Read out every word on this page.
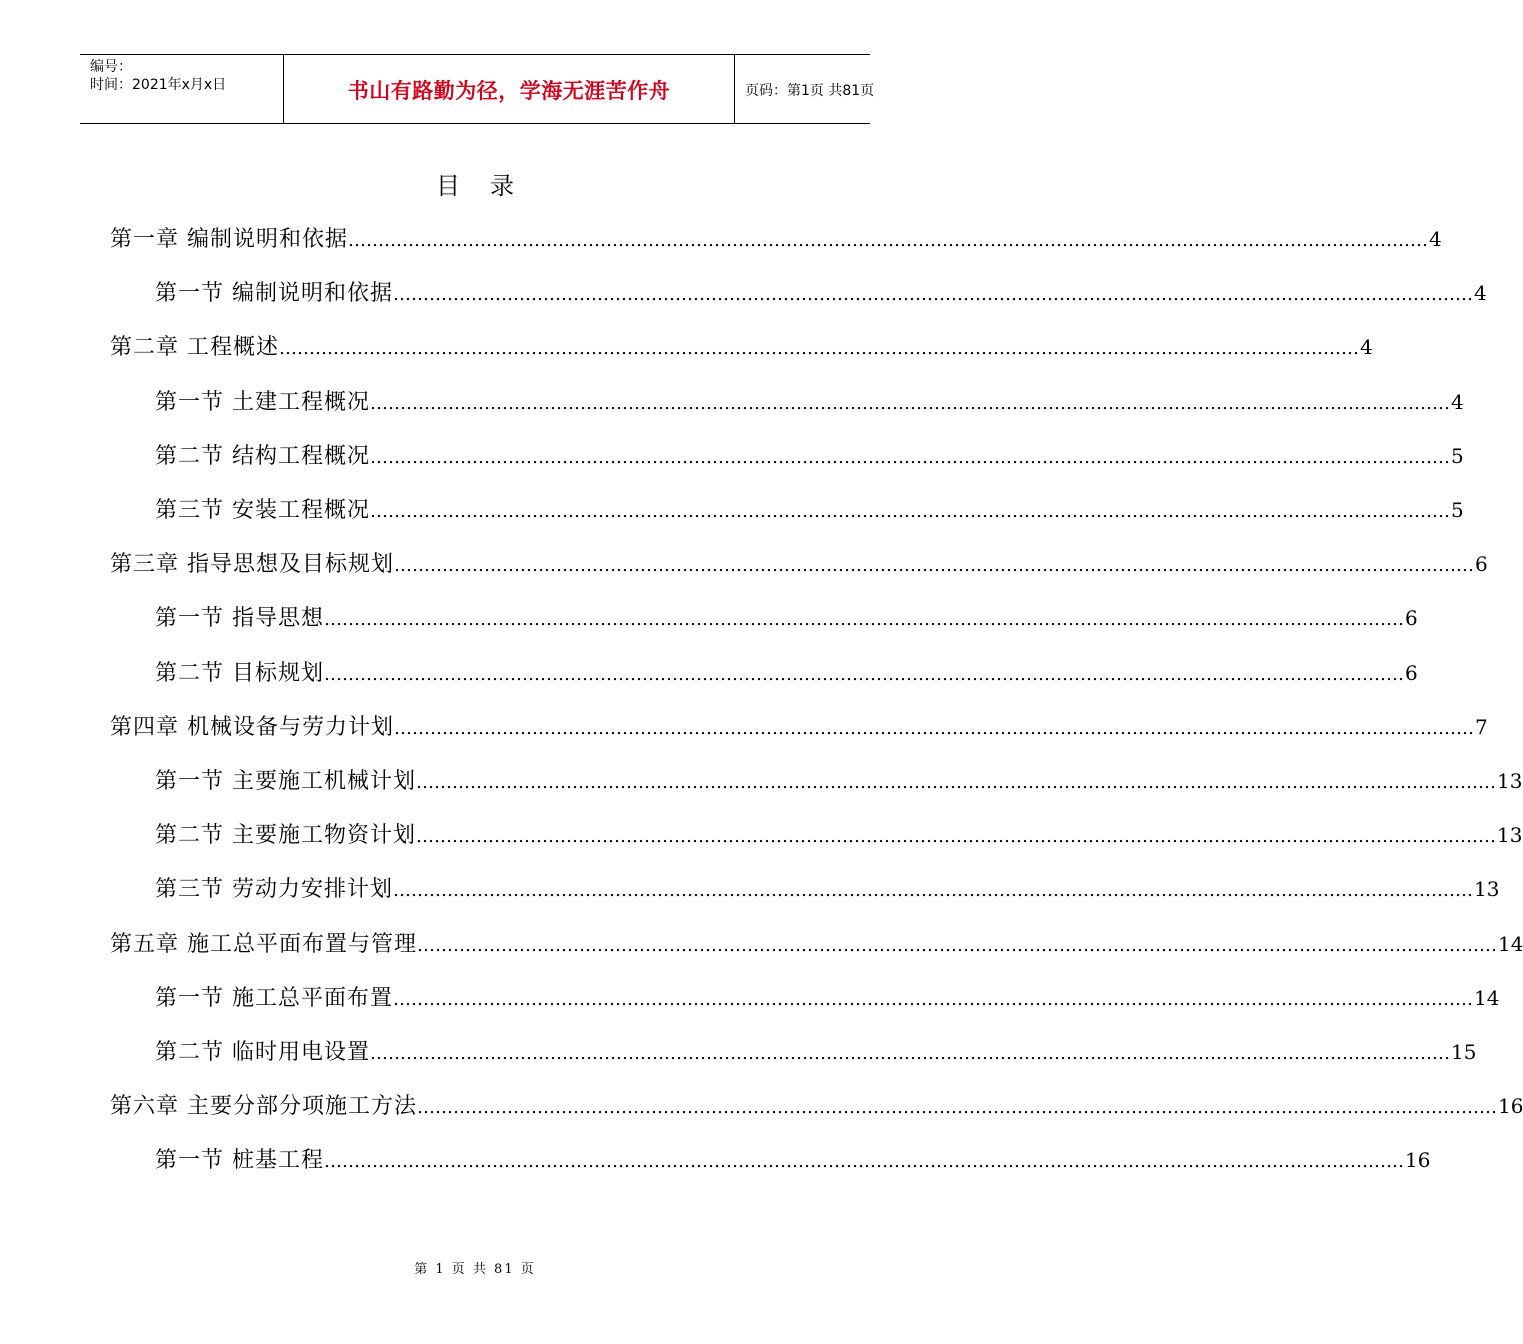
编号：
时间：2021年x月x日	书山有路勤为径，学海无涯苦作舟	页码：第1页 共81页
目录
第一章 编制说明和依据 ……………………………………………………………………………………………………………………………………………………………… 4
第一节 编制说明和依据 ……………………………………………………………………………………………………………………………………………………………… 4
第二章 工程概述 ……………………………………………………………………………………………………………………………………………………………… 4
第一节 土建工程概况 ……………………………………………………………………………………………………………………………………………………………… 4
第二节 结构工程概况 ……………………………………………………………………………………………………………………………………………………………… 5
第三节 安装工程概况 ……………………………………………………………………………………………………………………………………………………………… 5
第三章 指导思想及目标规划 ……………………………………………………………………………………………………………………………………………………………… 6
第一节 指导思想 ……………………………………………………………………………………………………………………………………………………………… 6
第二节 目标规划 ……………………………………………………………………………………………………………………………………………………………… 6
第四章 机械设备与劳力计划 ……………………………………………………………………………………………………………………………………………………………… 7
第一节 主要施工机械计划 ……………………………………………………………………………………………………………………………………………………………… 13
第二节 主要施工物资计划 ……………………………………………………………………………………………………………………………………………………………… 13
第三节 劳动力安排计划 ……………………………………………………………………………………………………………………………………………………………… 13
第五章 施工总平面布置与管理 ……………………………………………………………………………………………………………………………………………………………… 14
第一节 施工总平面布置 ……………………………………………………………………………………………………………………………………………………………… 14
第二节 临时用电设置 ……………………………………………………………………………………………………………………………………………………………… 15
第六章 主要分部分项施工方法 ……………………………………………………………………………………………………………………………………………………………… 16
第一节 桩基工程 ……………………………………………………………………………………………………………………………………………………………… 16
第 1 页 共 81 页
